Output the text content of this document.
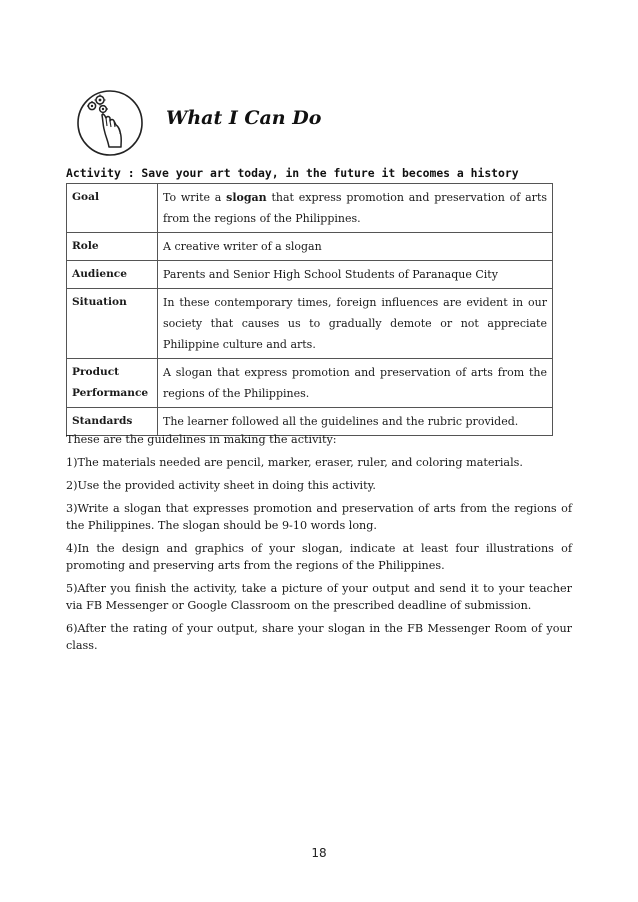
What I Can Do
Activity : Save your art today, in the future it becomes a history
Goal	To write a slogan that express promotion and preservation of arts from the regions of the Philippines.
Role	A creative writer of a slogan
Audience	Parents and Senior High School Students of Paranaque City
Situation	In these contemporary times, foreign influences are evident in our society that causes us to gradually demote or not appreciate Philippine culture and arts.
Product Performance	A slogan that express promotion and preservation of arts from the regions of the Philippines.
Standards	The learner followed all the guidelines and the rubric provided.

These are the guidelines in making the activity:

1)The materials needed are pencil, marker, eraser, ruler, and coloring materials.

2)Use the provided activity sheet in doing this activity.

3)Write a slogan that expresses promotion and preservation of arts from the regions of the Philippines. The slogan should be 9-10 words long.

4)In the design and graphics of your slogan, indicate at least four illustrations of promoting and preserving arts from the regions of the Philippines.

5)After you finish the activity, take a picture of your output and send it to your teacher via FB Messenger or Google Classroom on the prescribed deadline of submission.

6)After the rating of your output, share your slogan in the FB Messenger Room of your class.

18
